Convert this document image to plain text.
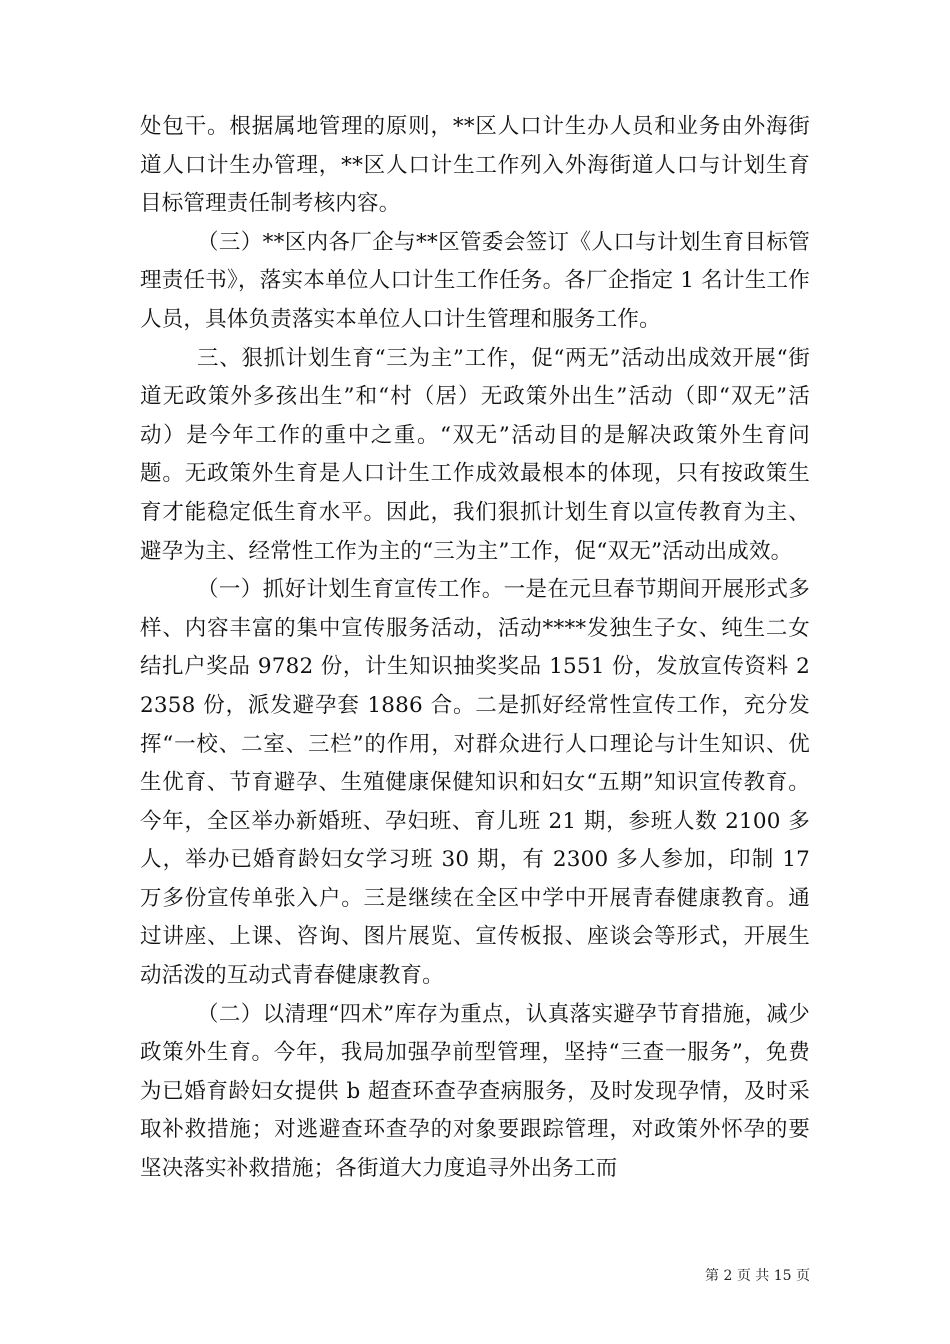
处包干。根据属地管理的原则，**区人口计生办人员和业务由外海街道人口计生办管理，**区人口计生工作列入外海街道人口与计划生育目标管理责任制考核内容。

（三）**区内各厂企与**区管委会签订《人口与计划生育目标管理责任书》，落实本单位人口计生工作任务。各厂企指定 1 名计生工作人员，具体负责落实本单位人口计生管理和服务工作。

三、狠抓计划生育“三为主”工作，促“两无”活动出成效开展“街道无政策外多孩出生”和“村（居）无政策外出生”活动（即“双无”活动）是今年工作的重中之重。“双无”活动目的是解决政策外生育问题。无政策外生育是人口计生工作成效最根本的体现，只有按政策生育才能稳定低生育水平。因此，我们狠抓计划生育以宣传教育为主、避孕为主、经常性工作为主的“三为主”工作，促“双无”活动出成效。

（一）抓好计划生育宣传工作。一是在元旦春节期间开展形式多样、内容丰富的集中宣传服务活动，活动****发独生子女、纯生二女结扎户奖品 9782 份，计生知识抽奖奖品 1551 份，发放宣传资料 22358 份，派发避孕套 1886 合。二是抓好经常性宣传工作，充分发挥“一校、二室、三栏”的作用，对群众进行人口理论与计生知识、优生优育、节育避孕、生殖健康保健知识和妇女“五期”知识宣传教育。今年，全区举办新婚班、孕妇班、育儿班 21 期，参班人数 2100 多人，举办已婚育龄妇女学习班 30 期，有 2300 多人参加，印制 17 万多份宣传单张入户。三是继续在全区中学中开展青春健康教育。通过讲座、上课、咨询、图片展览、宣传板报、座谈会等形式，开展生动活泼的互动式青春健康教育。

（二）以清理“四术”库存为重点，认真落实避孕节育措施，减少政策外生育。今年，我局加强孕前型管理，坚持“三查一服务”，免费为已婚育龄妇女提供 b 超查环查孕查病服务，及时发现孕情，及时采取补救措施；对逃避查环查孕的对象要跟踪管理，对政策外怀孕的要坚决落实补救措施；各街道大力度追寻外出务工而

第 2 页 共 15 页
